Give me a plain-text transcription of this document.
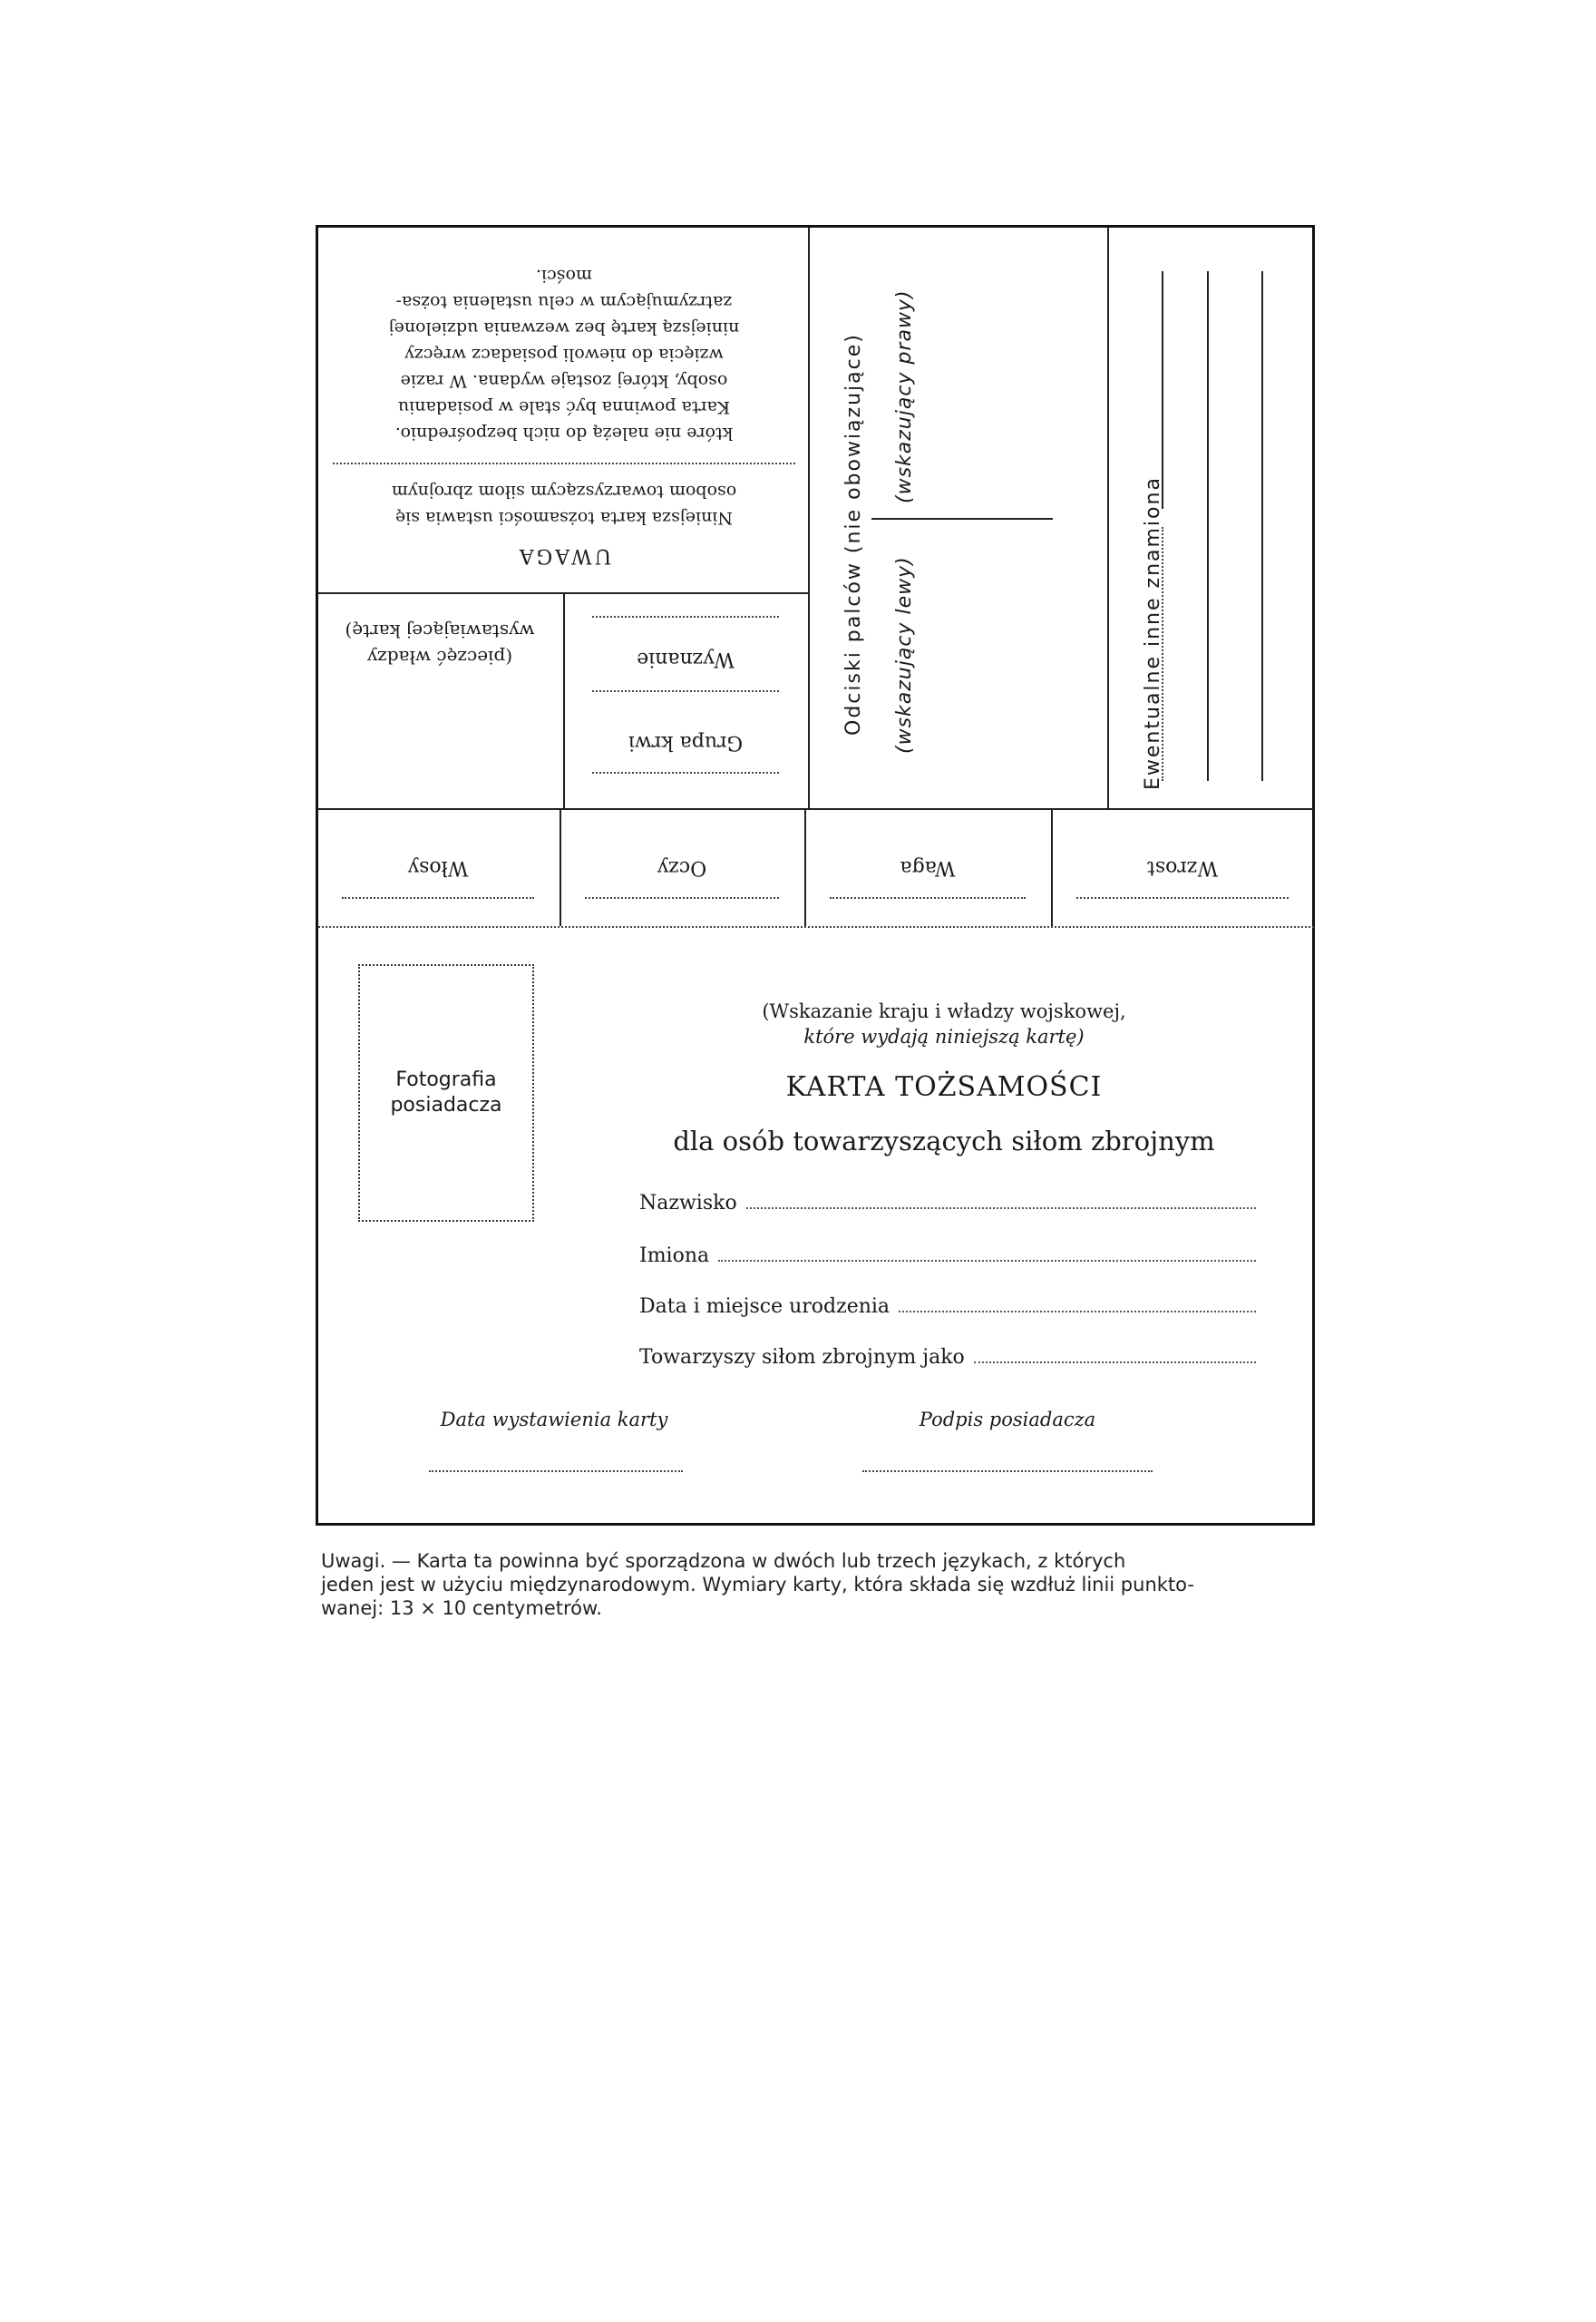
UWAGA
Niniejsza karta tożsamości ustawia się
osobom towarzyszącym siłom zbrojnym
które nie należą do nich bezpośrednio.
Karta powinna być stale w posiadaniu
osoby, której zostaje wydana. W razie
wzięcia do niewoli posiadacz wręczy
niniejszą kartę bez wezwania udzielonej
zatrzymującym w celu ustalenia tożsa-
mości.
(pieczęć władzy
wystawiającej kartę)
Grupa krwi
Wyznanie	Odciski palców (nie obowiązujące) (wskazujący lewy)
(wskazujący prawy)
Ewentualne inne znamiona
Włosy	Oczy	Waga	Wzrost
Fotografia
posiadacza
(Wskazanie kraju i władzy wojskowej,
które wydają niniejszą kartę)
KARTA TOŻSAMOŚCI
dla osób towarzyszących siłom zbrojnym
Nazwisko
Imiona
Data i miejsce urodzenia
Towarzyszy siłom zbrojnym jako
Data wystawienia karty	Podpis posiadacza
Uwagi. — Karta ta powinna być sporządzona w dwóch lub trzech językach, z których
jeden jest w użyciu międzynarodowym. Wymiary karty, która składa się wzdłuż linii punkto-
wanej: 13 × 10 centymetrów.
